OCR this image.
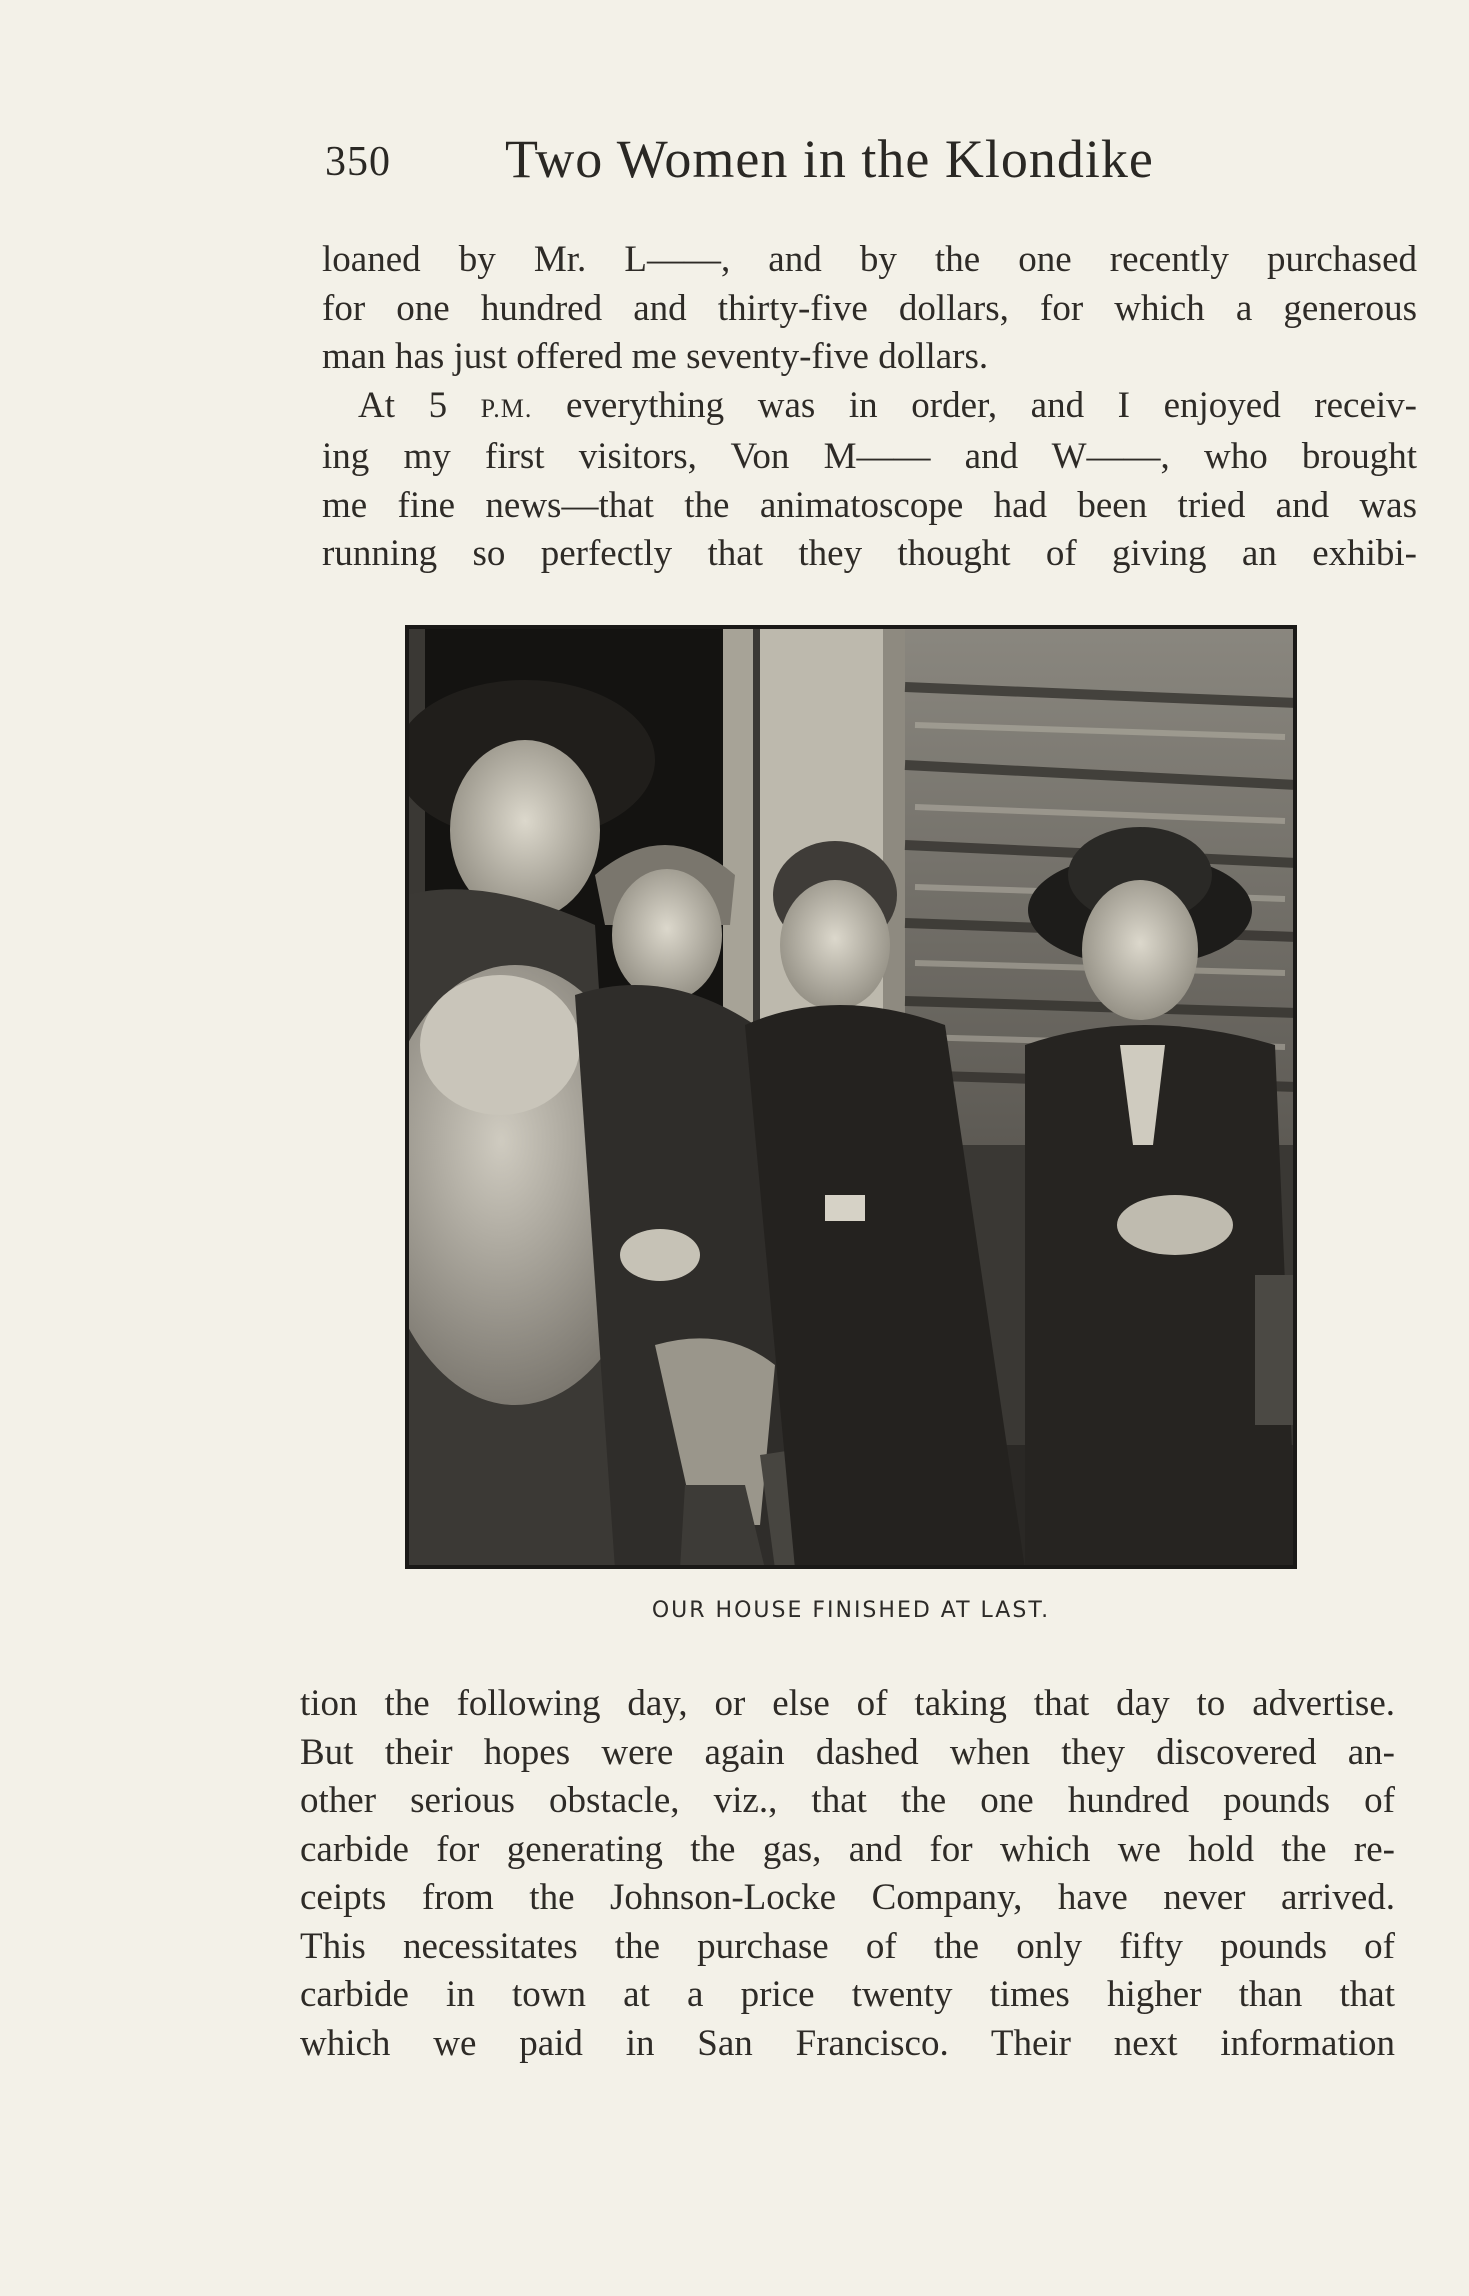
350 Two Women in the Klondike

loaned by Mr. L——, and by the one recently purchased

for one hundred and thirty-five dollars, for which a generous

man has just offered me seventy-five dollars.

At 5 P.M. everything was in order, and I enjoyed receiv-

ing my first visitors, Von M—— and W——, who brought

me fine news—that the animatoscope had been tried and was

running so perfectly that they thought of giving an exhibi-

OUR HOUSE FINISHED AT LAST.

tion the following day, or else of taking that day to advertise.

But their hopes were again dashed when they discovered an-

other serious obstacle, viz., that the one hundred pounds of

carbide for generating the gas, and for which we hold the re-

ceipts from the Johnson-Locke Company, have never arrived.

This necessitates the purchase of the only fifty pounds of

carbide in town at a price twenty times higher than that

which we paid in San Francisco. Their next information
